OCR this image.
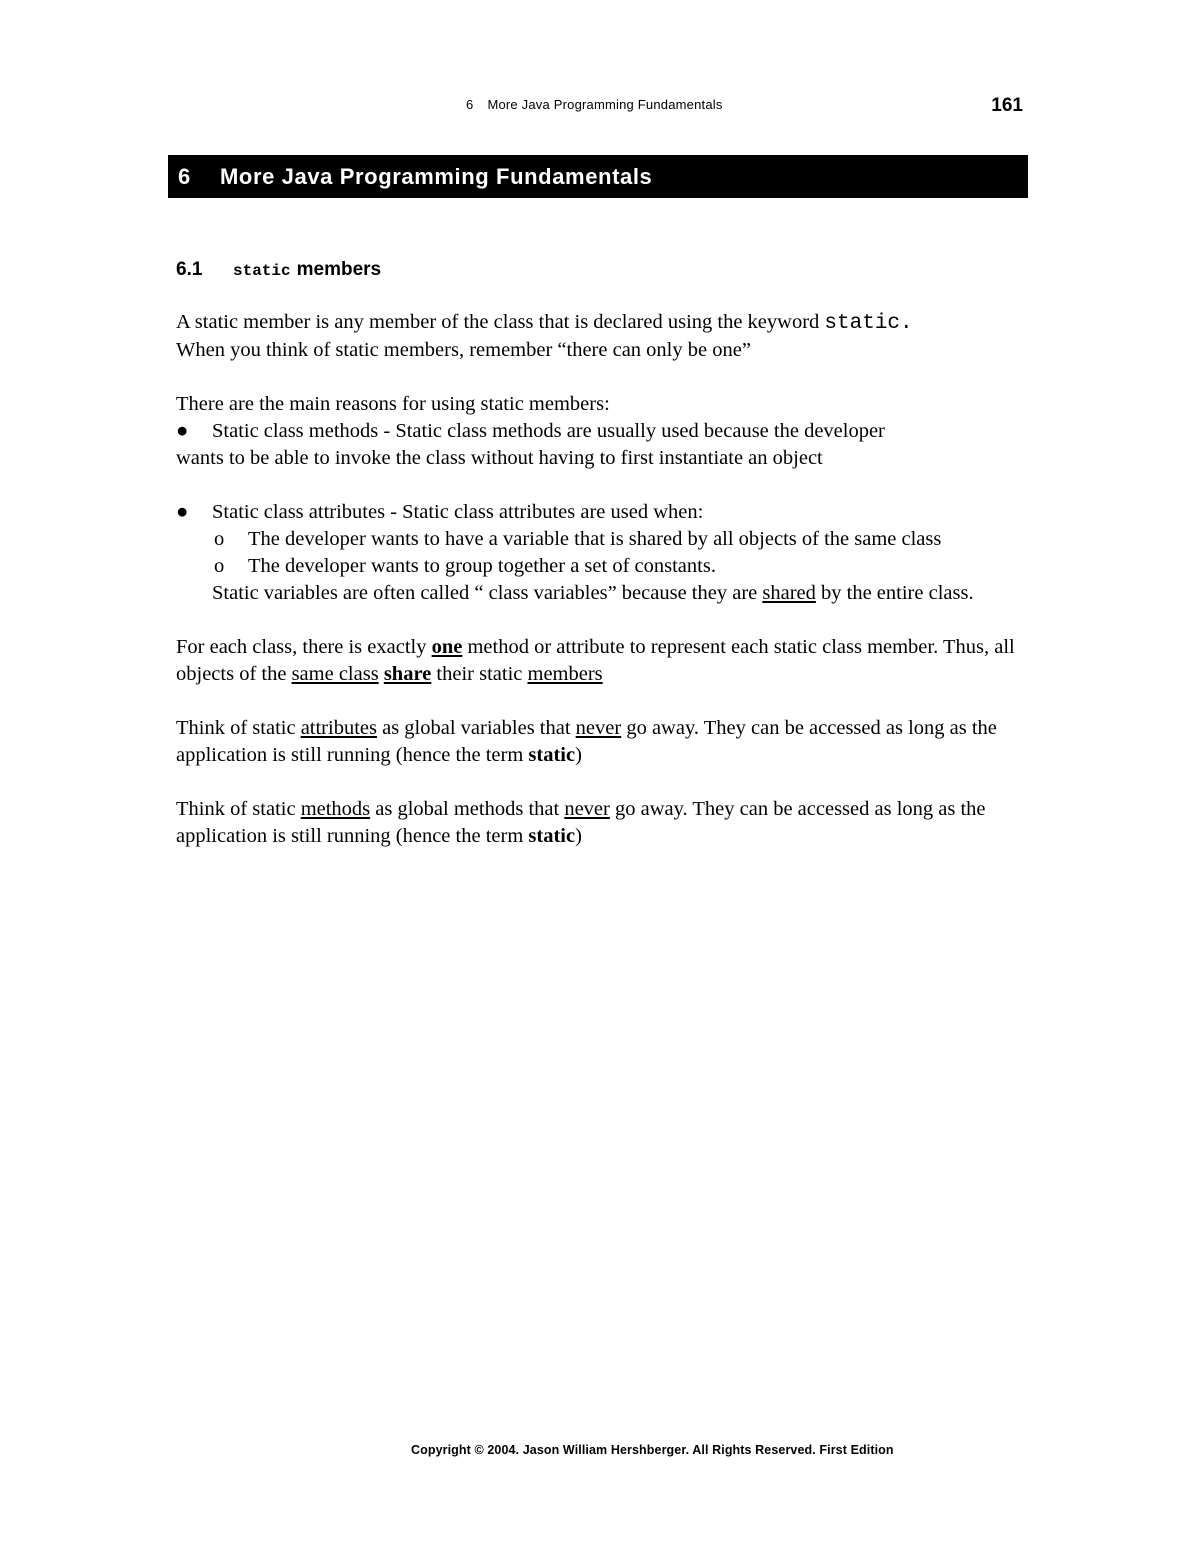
6 More Java Programming Fundamentals	161
6 More Java Programming Fundamentals
6.1 static members

A static member is any member of the class that is declared using the keyword static.
When you think of static members, remember “there can only be one”

There are the main reasons for using static members:

● Static class methods - Static class methods are usually used because the developer

wants to be able to invoke the class without having to first instantiate an object

● Static class attributes - Static class attributes are used when:

o The developer wants to have a variable that is shared by all objects of the same class

o The developer wants to group together a set of constants.

Static variables are often called “ class variables” because they are shared by the entire class.

For each class, there is exactly one method or attribute to represent each static class member. Thus, all objects of the same class share their static members

Think of static attributes as global variables that never go away. They can be accessed as long as the application is still running (hence the term static)

Think of static methods as global methods that never go away. They can be accessed as long as the application is still running (hence the term static)

Copyright © 2004. Jason William Hershberger. All Rights Reserved. First Edition
